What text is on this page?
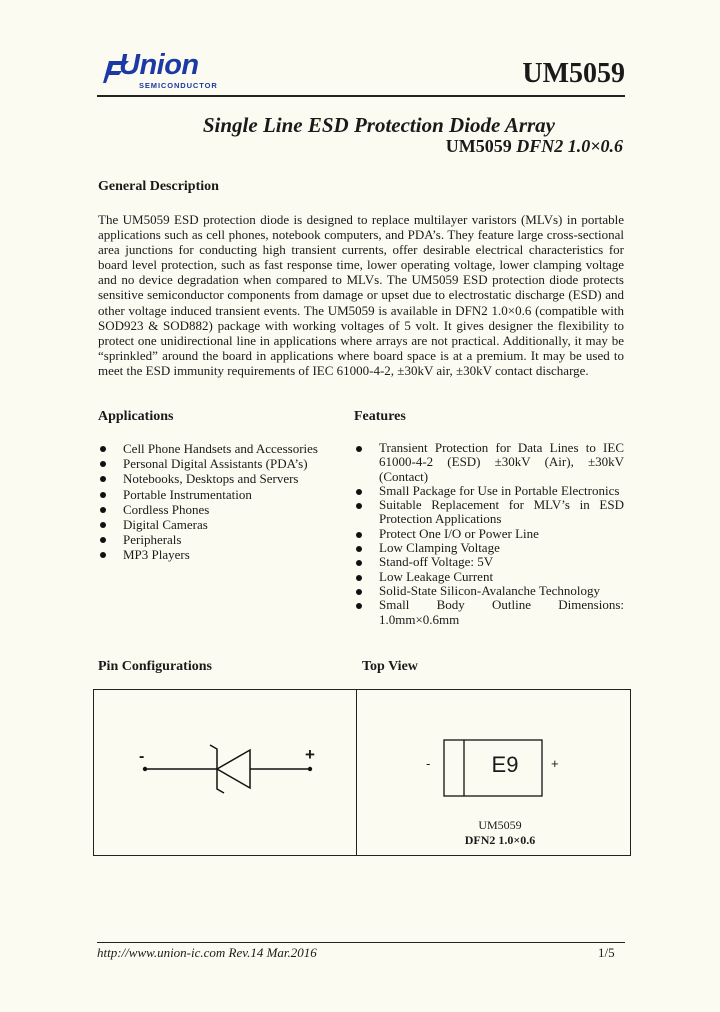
Union
SEMICONDUCTOR	UM5059
Single Line ESD Protection Diode Array
UM5059 DFN2 1.0×0.6
General Description
The UM5059 ESD protection diode is designed to replace multilayer varistors (MLVs) in portable applications such as cell phones, notebook computers, and PDA’s. They feature large cross-sectional area junctions for conducting high transient currents, offer desirable electrical characteristics for board level protection, such as fast response time, lower operating voltage, lower clamping voltage and no device degradation when compared to MLVs. The UM5059 ESD protection diode protects sensitive semiconductor components from damage or upset due to electrostatic discharge (ESD) and other voltage induced transient events. The UM5059 is available in DFN2 1.0×0.6 (compatible with SOD923 & SOD882) package with working voltages of 5 volt. It gives designer the flexibility to protect one unidirectional line in applications where arrays are not practical. Additionally, it may be “sprinkled” around the board in applications where board space is at a premium. It may be used to meet the ESD immunity requirements of IEC 61000-4-2, ±30kV air, ±30kV contact discharge.
Applications
Cell Phone Handsets and Accessories
Personal Digital Assistants (PDA’s)
Notebooks, Desktops and Servers
Portable Instrumentation
Cordless Phones
Digital Cameras
Peripherals
MP3 Players
Features
Transient Protection for Data Lines to IEC 61000-4-2 (ESD) ±30kV (Air), ±30kV (Contact)
Small Package for Use in Portable Electronics
Suitable Replacement for MLV’s in ESD Protection Applications
Protect One I/O or Power Line
Low Clamping Voltage
Stand-off Voltage: 5V
Low Leakage Current
Solid-State Silicon-Avalanche Technology
Small Body Outline Dimensions: 1.0mm×0.6mm
Pin Configurations	Top View
-	+	-	E9	+
UM5059
DFN2 1.0×0.6
http://www.union-ic.com Rev.14 Mar.2016	1/5
